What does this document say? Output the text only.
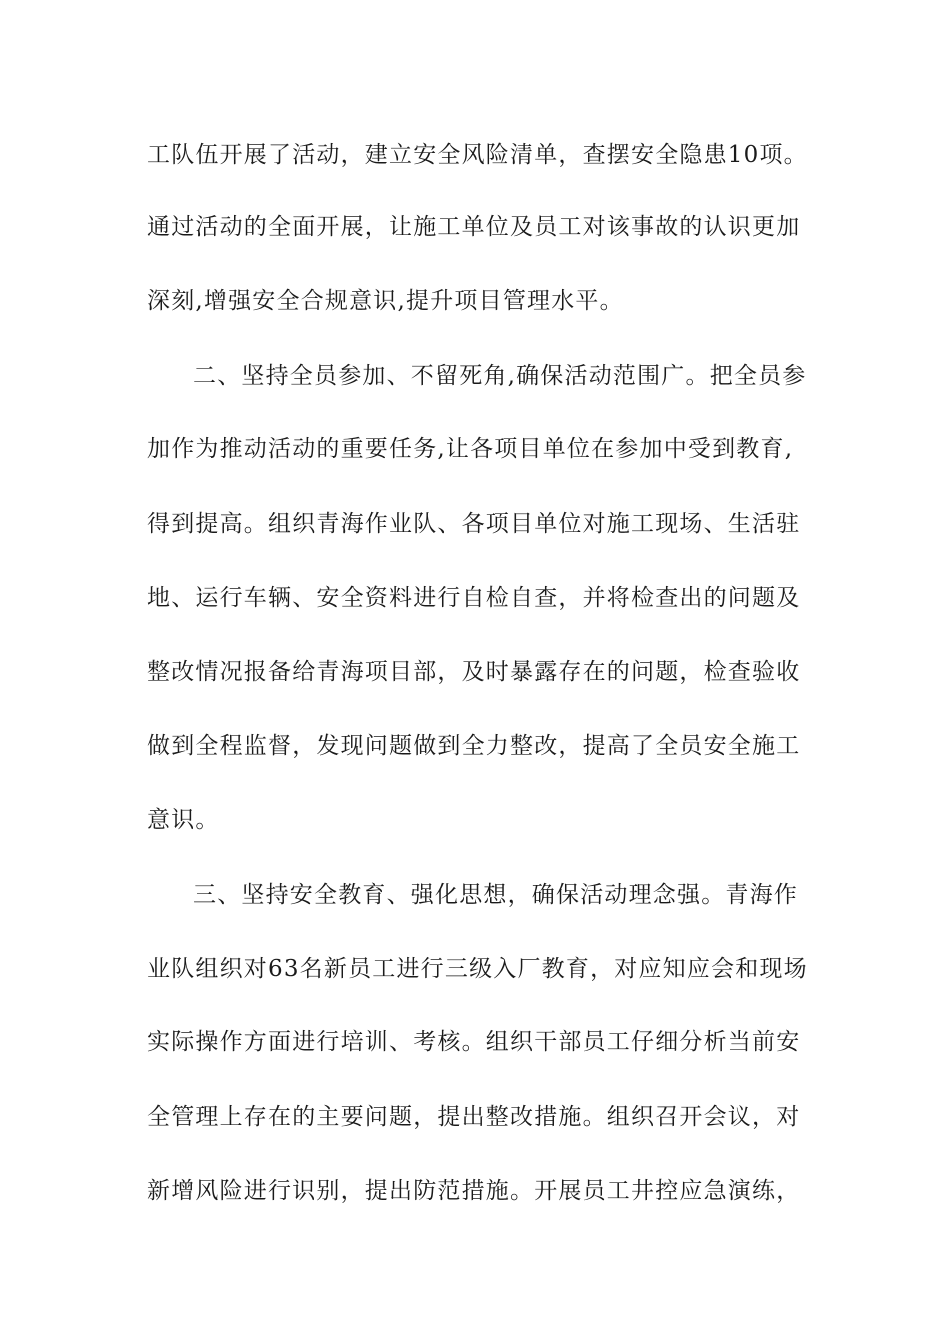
工队伍开展了活动，建立安全风险清单，查摆安全隐患10项。
通过活动的全面开展，让施工单位及员工对该事故的认识更加
深刻,增强安全合规意识,提升项目管理水平。
二、坚持全员参加、不留死角,确保活动范围广。把全员参
加作为推动活动的重要任务,让各项目单位在参加中受到教育,
得到提高。组织青海作业队、各项目单位对施工现场、生活驻
地、运行车辆、安全资料进行自检自查，并将检查出的问题及
整改情况报备给青海项目部，及时暴露存在的问题，检查验收
做到全程监督，发现问题做到全力整改，提高了全员安全施工
意识。
三、坚持安全教育、强化思想，确保活动理念强。青海作
业队组织对63名新员工进行三级入厂教育，对应知应会和现场
实际操作方面进行培训、考核。组织干部员工仔细分析当前安
全管理上存在的主要问题，提出整改措施。组织召开会议，对
新增风险进行识别，提出防范措施。开展员工井控应急演练，
